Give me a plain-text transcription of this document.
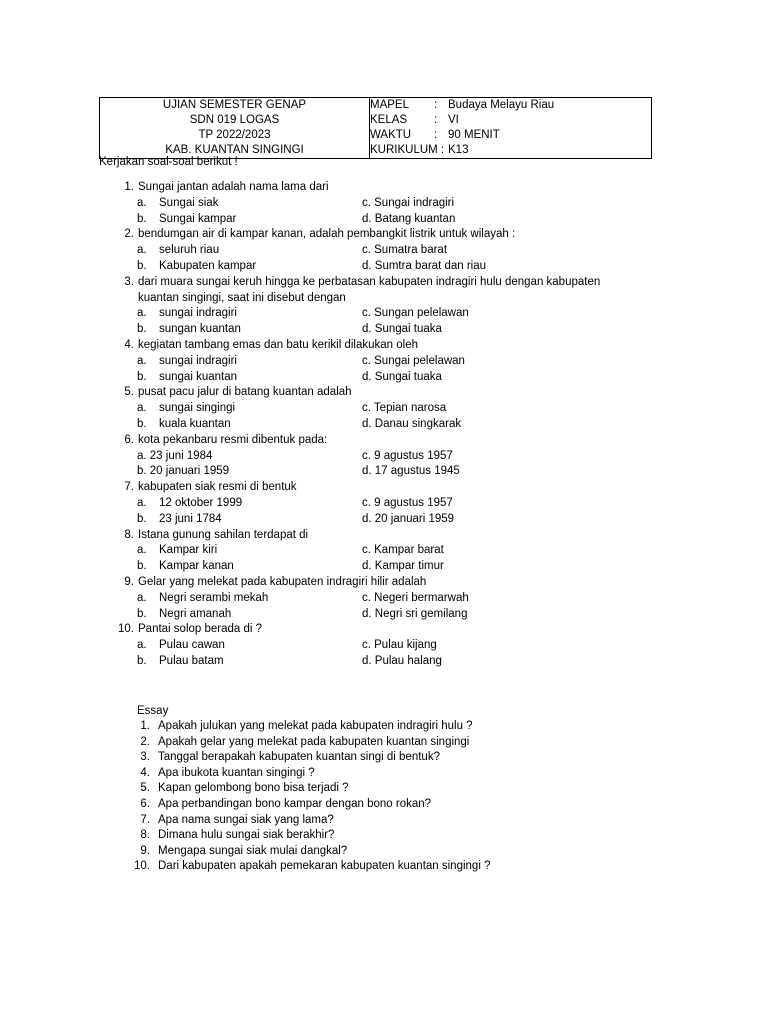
UJIAN SEMESTER GENAP
SDN 019 LOGAS
TP 2022/2023
KAB. KUANTAN SINGINGI

MAPEL	: Budaya Melayu Riau
KELAS	: VI
WAKTU	: 90 MENIT
KURIKULUM : K13
Kerjakan soal-soal berikut !
1. Sungai jantan adalah nama lama dari
a.	Sungai siak	c. Sungai indragiri
b.	Sungai kampar	d. Batang kuantan
2. bendumgan air di kampar kanan, adalah pembangkit listrik untuk wilayah :
a.	seluruh riau	c. Sumatra barat
b.	Kabupaten kampar	d. Sumtra barat dan riau
3. dari muara sungai keruh hingga ke perbatasan kabupaten indragiri hulu dengan kabupaten
kuantan singingi, saat ini disebut dengan
a.	sungai indragiri	c. Sungan pelelawan
b.	sungan kuantan	d. Sungai tuaka
4. kegiatan tambang emas dan batu kerikil dilakukan oleh
a.	sungai indragiri	c. Sungai pelelawan
b.	sungai kuantan	d. Sungai tuaka
5. pusat pacu jalur di batang kuantan adalah
a.	sungai singingi	c. Tepian narosa
b.	kuala kuantan	d. Danau singkarak
6. kota pekanbaru resmi dibentuk pada:
a. 23 juni 1984	c. 9 agustus 1957
b. 20 januari 1959	d. 17 agustus 1945
7. kabupaten siak resmi di bentuk
a.	12 oktober 1999	c. 9 agustus 1957
b.	23 juni 1784	d. 20 januari 1959
8. Istana gunung sahilan terdapat di
a.	Kampar kiri	c. Kampar barat
b.	Kampar kanan	d. Kampar timur
9. Gelar yang melekat pada kabupaten indragiri hilir adalah
a.	Negri serambi mekah	c. Negeri bermarwah
b.	Negri amanah	d. Negri sri gemilang
10. Pantai solop berada di ?
a.	Pulau cawan	c. Pulau kijang
b.	Pulau batam	d. Pulau halang
Essay
1. Apakah julukan yang melekat pada kabupaten indragiri hulu ?
2. Apakah gelar yang melekat pada kabupaten kuantan singingi
3. Tanggal berapakah kabupaten kuantan singi di bentuk?
4. Apa ibukota kuantan singingi ?
5. Kapan gelombong bono bisa terjadi ?
6. Apa perbandingan bono kampar dengan bono rokan?
7. Apa nama sungai siak yang lama?
8. Dimana hulu sungai siak berakhir?
9. Mengapa sungai siak mulai dangkal?
10. Dari kabupaten apakah pemekaran kabupaten kuantan singingi ?
